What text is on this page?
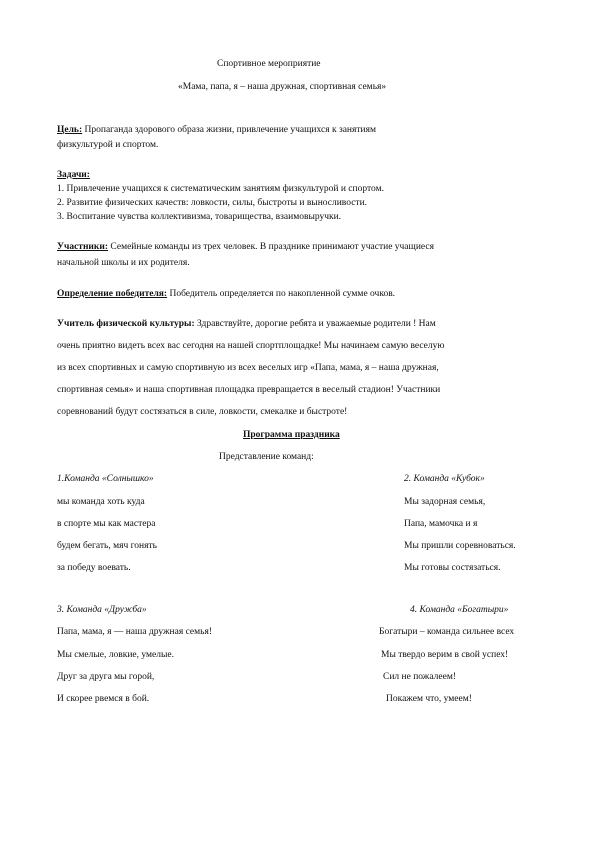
Спортивное мероприятие
«Мама, папа, я – наша дружная, спортивная семья»
Цель: Пропаганда здорового образа жизни, привлечение учащихся к занятиям
физкультурой и спортом.
Задачи:
1. Привлечение учащихся к систематическим занятиям физкультурой и спортом.
2. Развитие физических качеств: ловкости, силы, быстроты и выносливости.
3. Воспитание чувства коллективизма, товарищества, взаимовыручки.
Участники: Семейные команды из трех человек. В празднике принимают участие учащиеся
начальной школы и их родителя.
Определение победителя: Победитель определяется по накопленной сумме очков.
Учитель физической культуры: Здравствуйте, дорогие ребята и уважаемые родители ! Нам
очень приятно видеть всех вас сегодня на нашей спортплощадке! Мы начинаем самую веселую
из всех спортивных и самую спортивную из всех веселых игр «Папа, мама, я – наша дружная,
спортивная семья» и наша спортивная площадка превращается в веселый стадион! Участники
соревнований будут состязаться в силе, ловкости, смекалке и быстроте!
Программа праздника
Представление команд:
1.Команда «Солнышко»
мы команда хоть куда
в спорте мы как мастера
будем бегать, мяч гонять
за победу воевать.
2. Команда «Кубок»
Мы задорная семья,
Папа, мамочка и я
Мы пришли соревноваться.
Мы готовы состязаться.
3. Команда «Дружба»
Папа, мама, я — наша дружная семья!
Мы смелые, ловкие, умелые.
Друг за друга мы горой,
И скорее рвемся в бой.
4. Команда «Богатыри»
Богатыри – команда сильнее всех
Мы твердо верим в свой успех!
Сил не пожалеем!
Покажем что, умеем!
